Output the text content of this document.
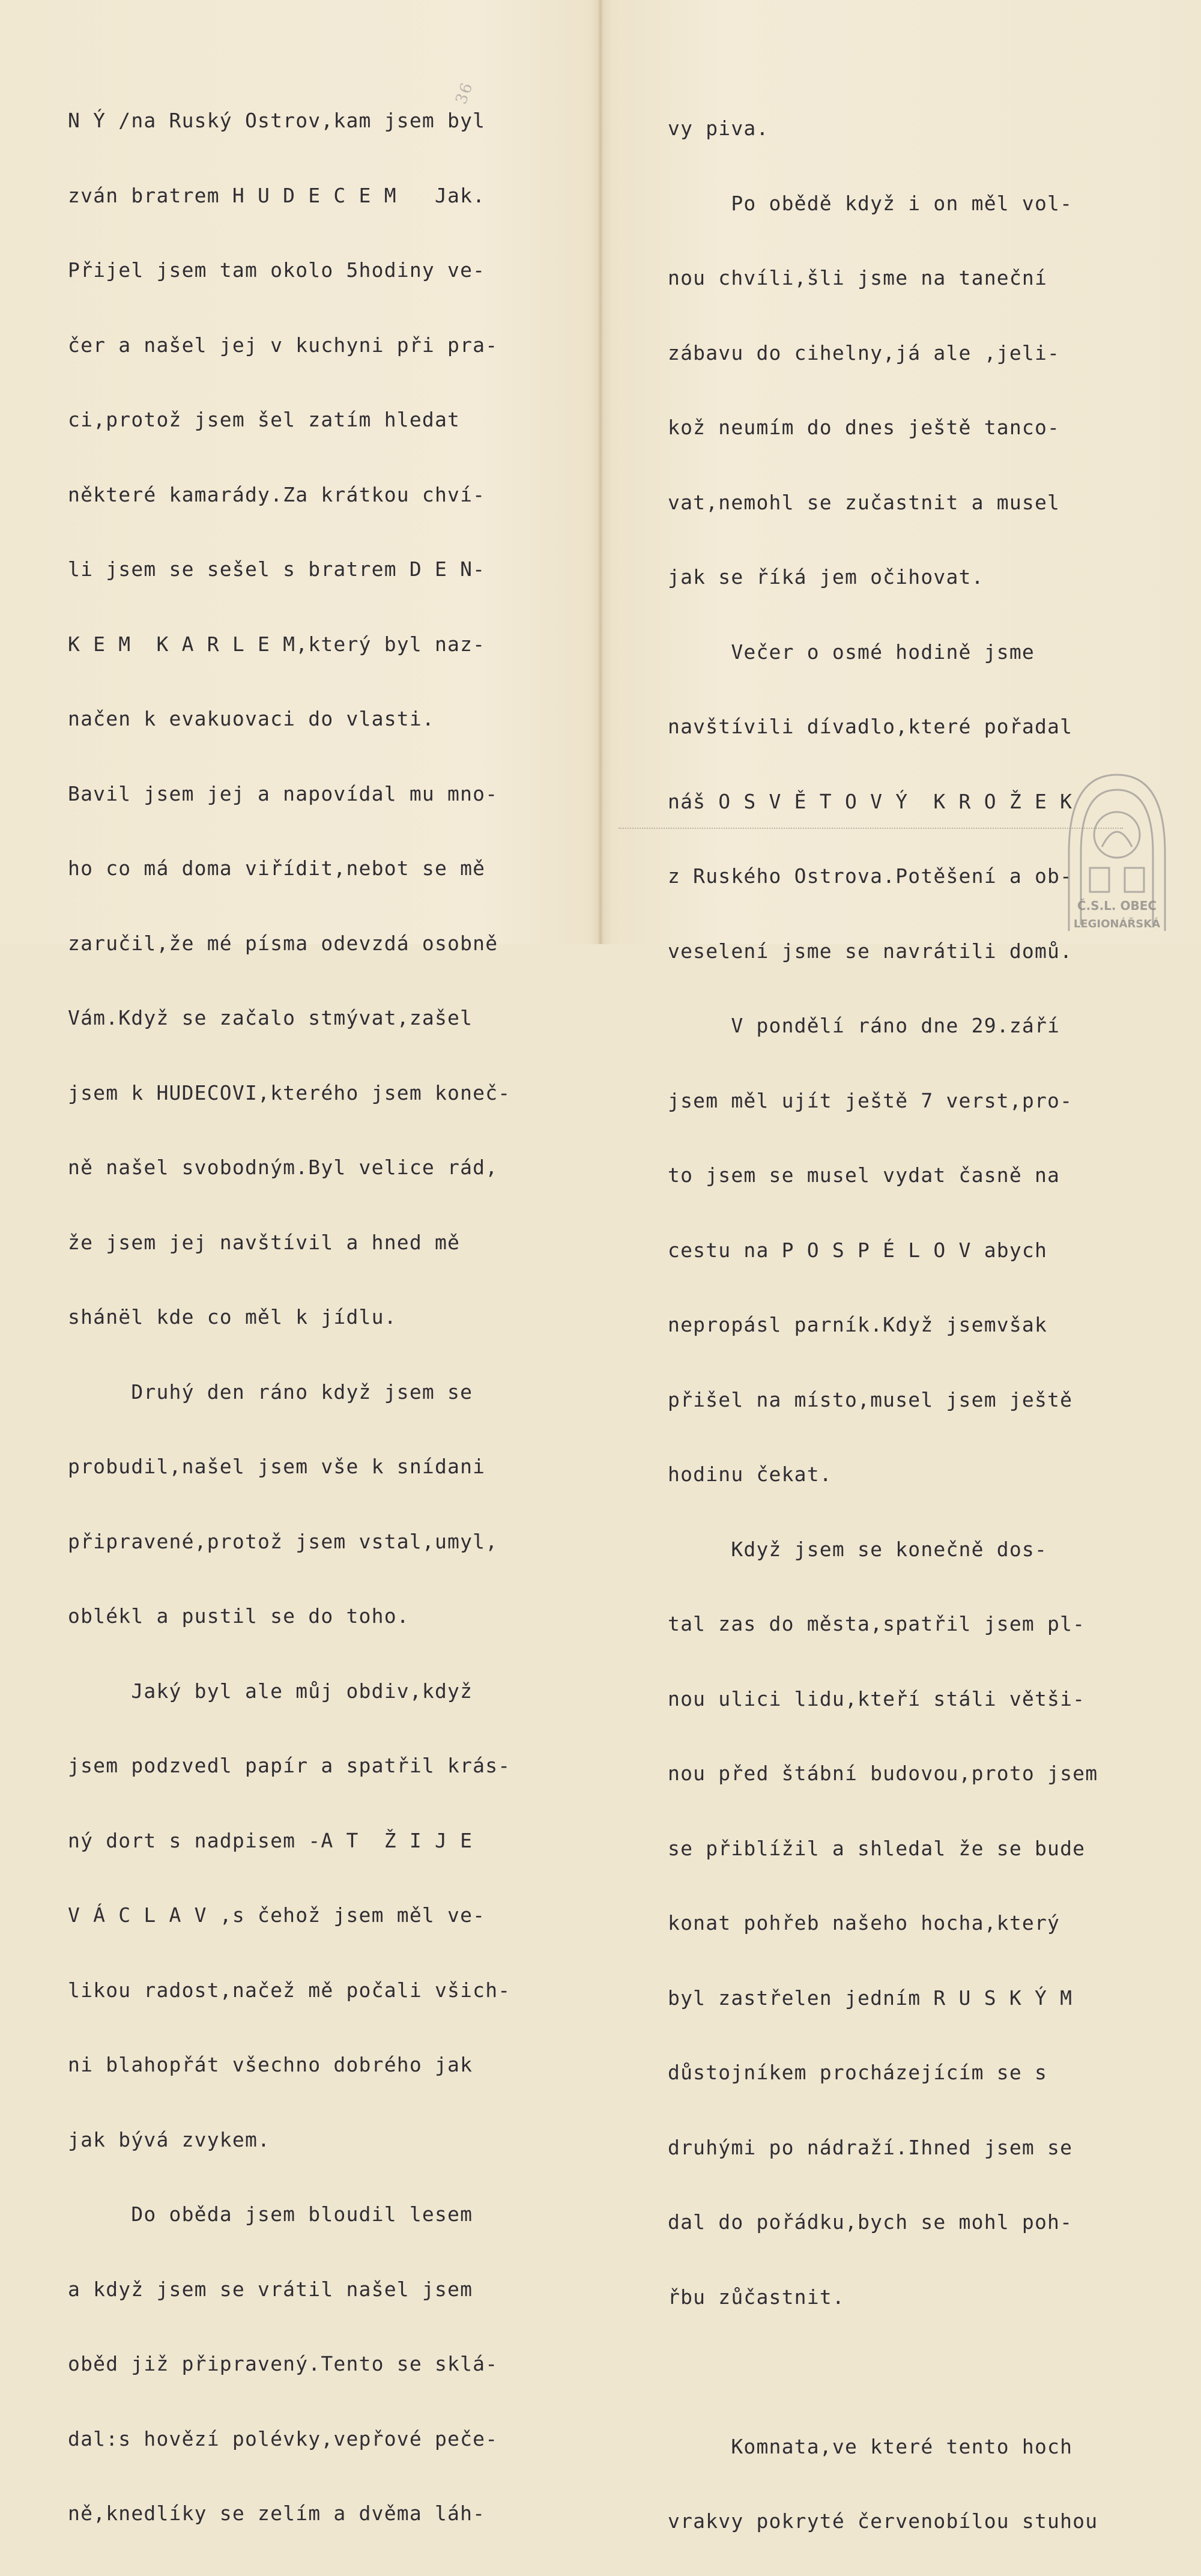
36

N Ý /na Ruský Ostrov,kam jsem byl

zván bratrem H U D E C E M   Jak.

Přijel jsem tam okolo 5hodiny ve-

čer a našel jej v kuchyni při pra-

ci,protož jsem šel zatím hledat

některé kamarády.Za krátkou chví-

li jsem se sešel s bratrem D E N-

K E M  K A R L E M,který byl naz-

načen k evakuovaci do vlasti.

Bavil jsem jej a napovídal mu mno-

ho co má doma viřídit,nebot se mě

zaručil,že mé písma odevzdá osobně

Vám.Když se začalo stmývat,zašel

jsem k HUDECOVI,kterého jsem koneč-

ně našel svobodným.Byl velice rád,

že jsem jej navštívil a hned mě

shánël kde co měl k jídlu.

Druhý den ráno když jsem se

probudil,našel jsem vše k snídani

připravené,protož jsem vstal,umyl,

oblékl a pustil se do toho.

Jaký byl ale můj obdiv,když

jsem podzvedl papír a spatřil krás-

ný dort s nadpisem -A T  Ž I J E

V Á C L A V ,s čehož jsem měl ve-

likou radost,načež mě počali všich-

ni blahopřát všechno dobrého jak

jak bývá zvykem.

Do oběda jsem bloudil lesem

a když jsem se vrátil našel jsem

oběd již připravený.Tento se sklá-

dal:s hovězí polévky,vepřové peče-

ně,knedlíky se zelím a dvěma láh-

vy piva.

Po obědě když i on měl vol-

nou chvíli,šli jsme na taneční

zábavu do cihelny,já ale ,jeli-

kož neumím do dnes ještě tanco-

vat,nemohl se zučastnit a musel

jak se říká jem očihovat.

Večer o osmé hodině jsme

navštívili dívadlo,které pořadal

náš O S V Ě T O V Ý  K R O Ž E K

z Ruského Ostrova.Potěšení a ob-

veselení jsme se navrátili domů.

V pondělí ráno dne 29.září

jsem měl ujít ještě 7 verst,pro-

to jsem se musel vydat časně na

cestu na P O S P É L O V abych

nepropásl parník.Když jsemvšak

přišel na místo,musel jsem ještě

hodinu čekat.

Když jsem se konečně dos-

tal zas do města,spatřil jsem pl-

nou ulici lidu,kteří stáli větši-

nou před štábní budovou,proto jsem

se přiblížil a shledal že se bude

konat pohřeb našeho hocha,který

byl zastřelen jedním R U S K Ý M

důstojníkem procházejícím se s

druhými po nádraží.Ihned jsem se

dal do pořádku,bych se mohl poh-

řbu zůčastnit.

Komnata,ve které tento hoch

vrakvy pokryté červenobílou stuhou

Č.S.L. OBEC
LEGIONÁŘSKÁ
